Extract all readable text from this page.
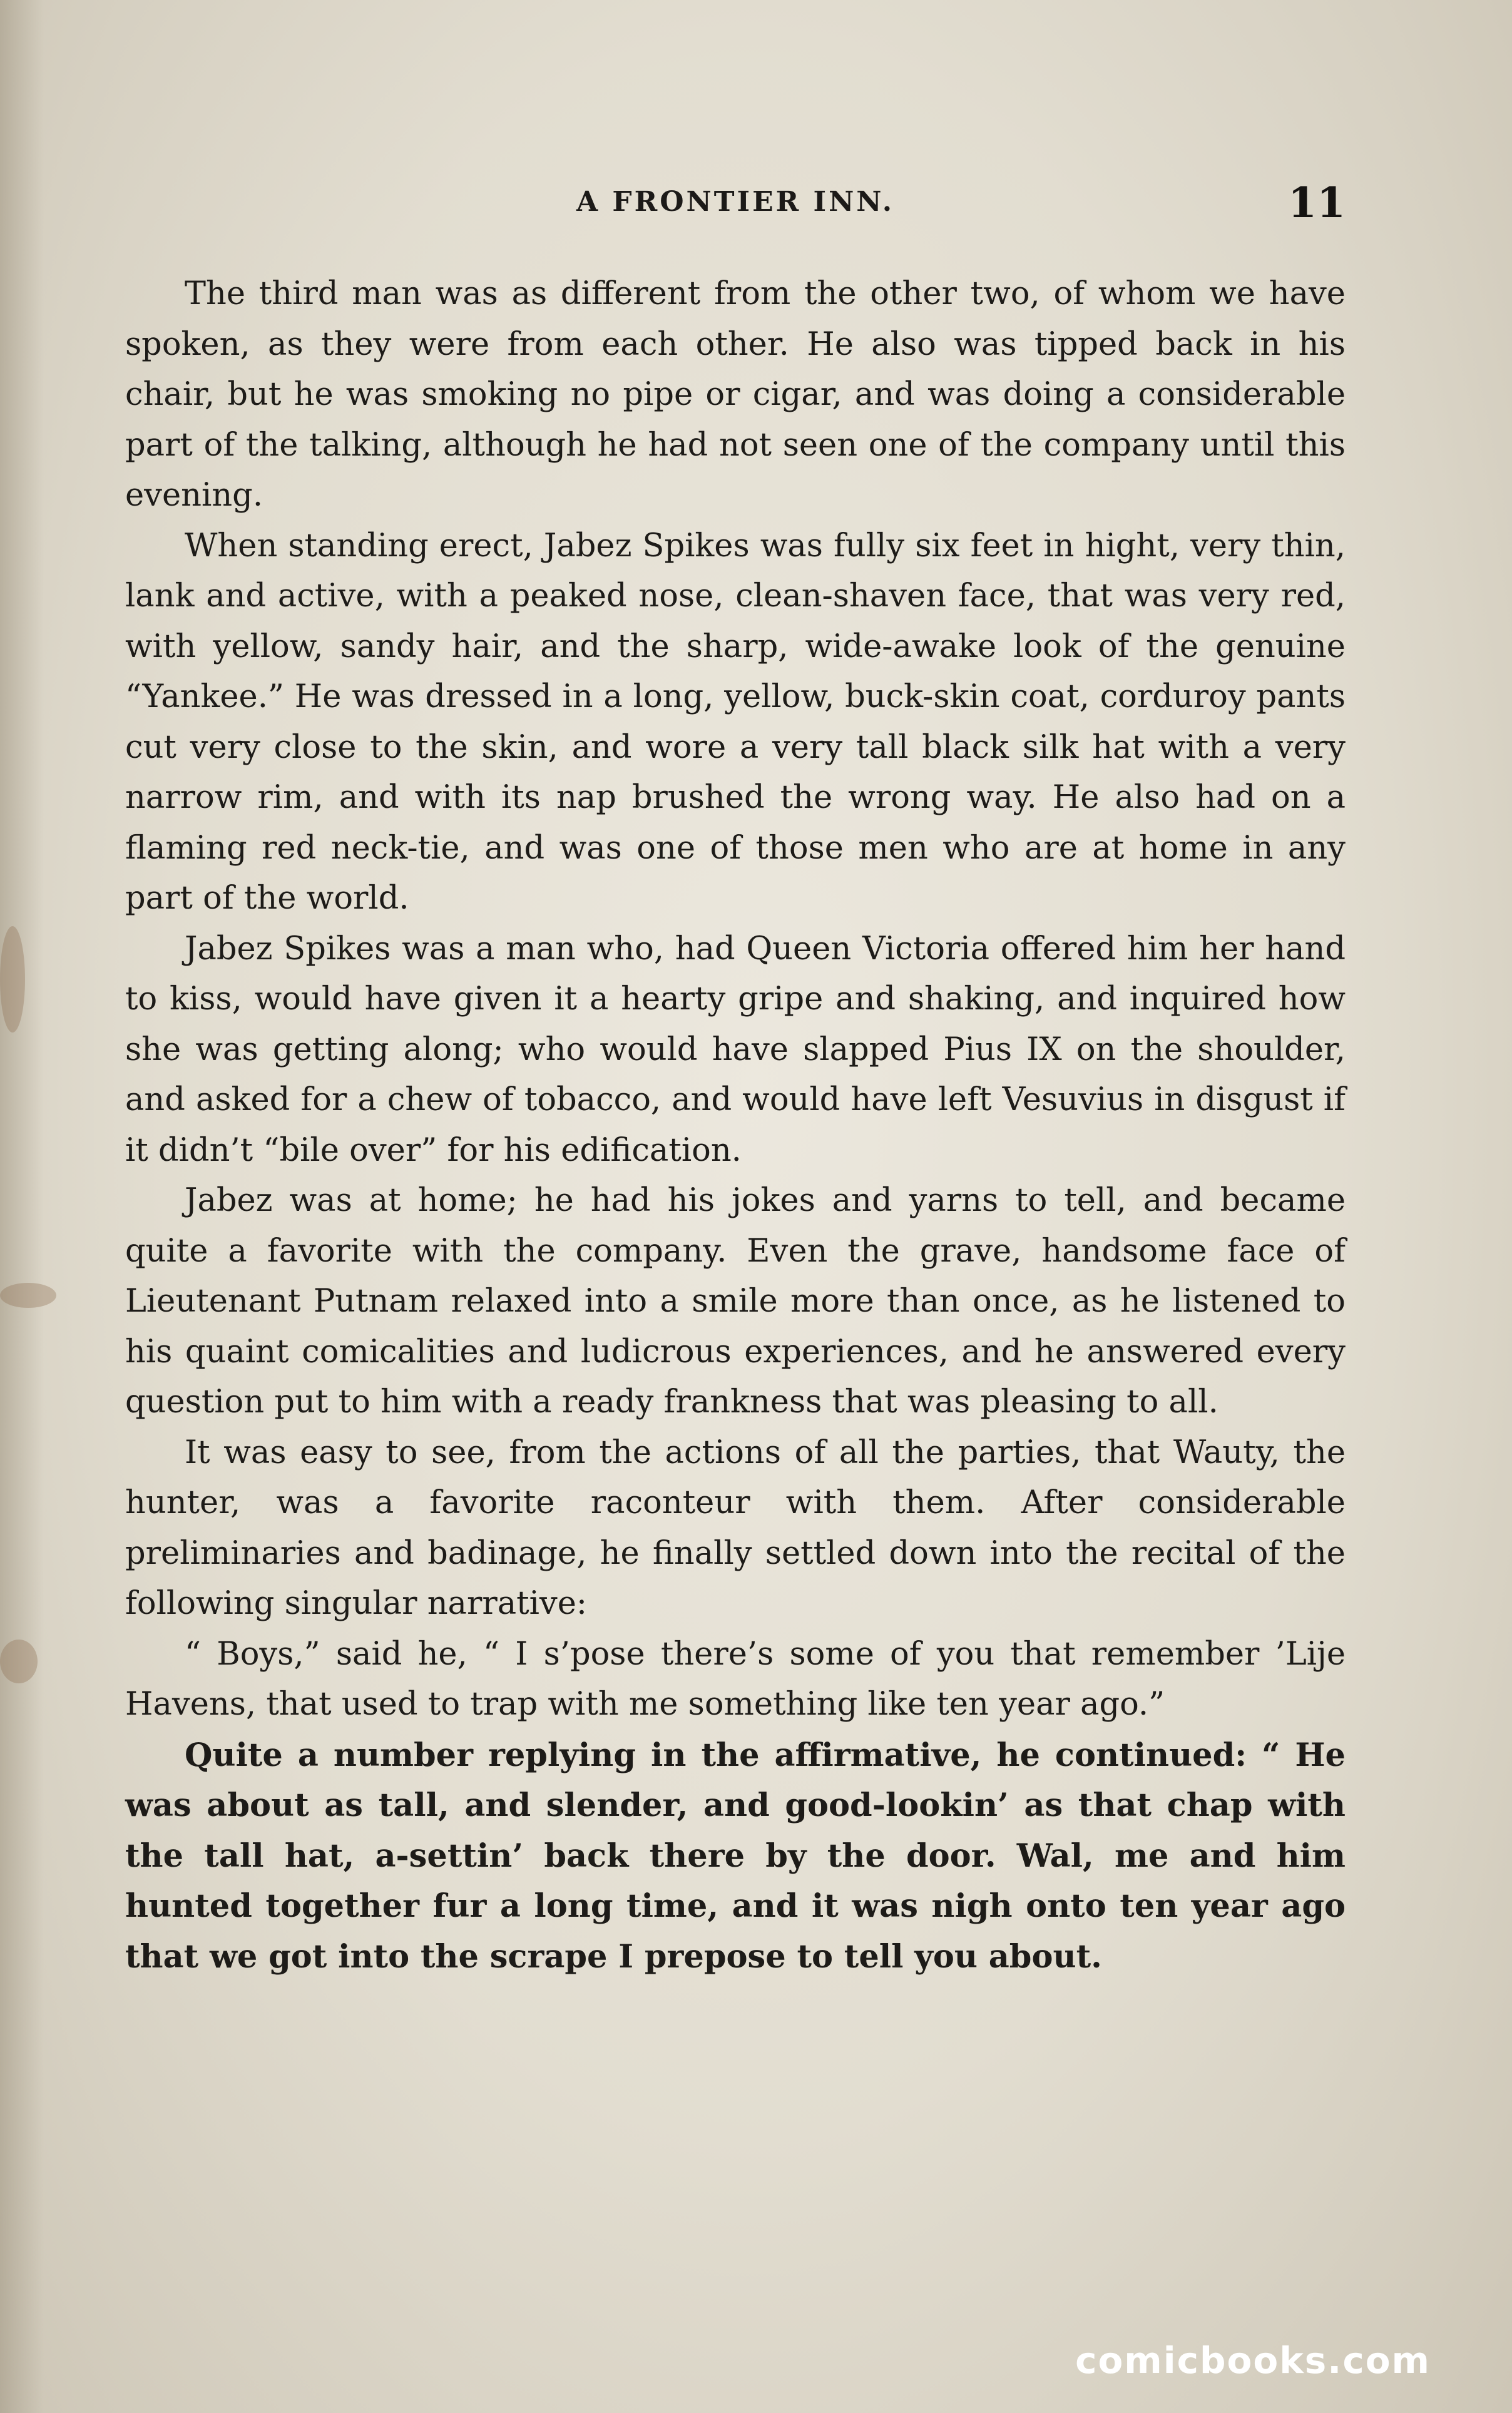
A FRONTIER INN.	11

The third man was as different from the other two, of whom we have spoken, as they were from each other. He also was tipped back in his chair, but he was smoking no pipe or cigar, and was doing a considerable part of the talking, although he had not seen one of the company until this evening.

When standing erect, Jabez Spikes was fully six feet in hight, very thin, lank and active, with a peaked nose, clean-shaven face, that was very red, with yellow, sandy hair, and the sharp, wide-awake look of the genuine “Yankee.” He was dressed in a long, yellow, buck-skin coat, corduroy pants cut very close to the skin, and wore a very tall black silk hat with a very narrow rim, and with its nap brushed the wrong way. He also had on a flaming red neck-tie, and was one of those men who are at home in any part of the world.

Jabez Spikes was a man who, had Queen Victoria offered him her hand to kiss, would have given it a hearty gripe and shaking, and inquired how she was getting along; who would have slapped Pius IX on the shoulder, and asked for a chew of tobacco, and would have left Vesuvius in disgust if it didn’t “bile over” for his edification.

Jabez was at home; he had his jokes and yarns to tell, and became quite a favorite with the company. Even the grave, handsome face of Lieutenant Putnam relaxed into a smile more than once, as he listened to his quaint comicalities and ludicrous experiences, and he answered every question put to him with a ready frankness that was pleasing to all.

It was easy to see, from the actions of all the parties, that Wauty, the hunter, was a favorite raconteur with them. After considerable preliminaries and badinage, he finally settled down into the recital of the following singular narrative:

“ Boys,” said he, “ I s’pose there’s some of you that remember ’Lije Havens, that used to trap with me something like ten year ago.”

Quite a number replying in the affirmative, he continued: “ He was about as tall, and slender, and good-lookin’ as that chap with the tall hat, a-settin’ back there by the door. Wal, me and him hunted together fur a long time, and it was nigh onto ten year ago that we got into the scrape I prepose to tell you about.

comicbooks.com
